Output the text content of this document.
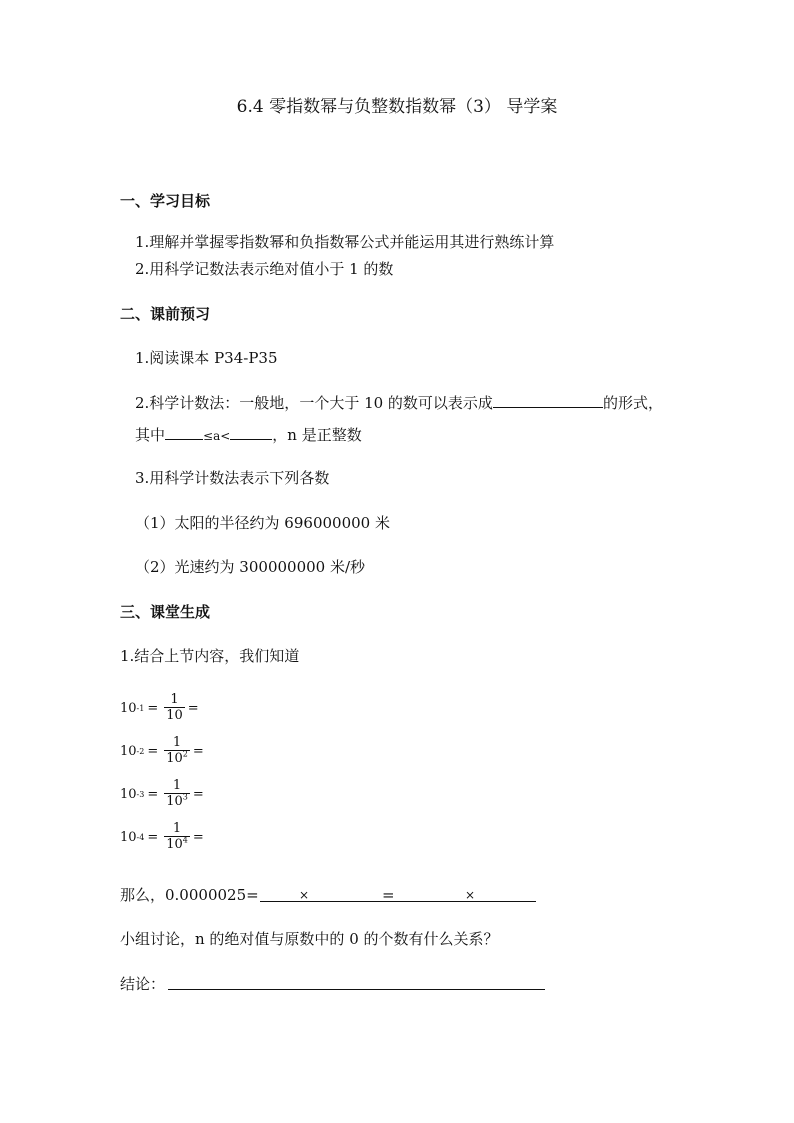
6.4 零指数幂与负整数指数幂（3） 导学案
一、学习目标
1.理解并掌握零指数幂和负指数幂公式并能运用其进行熟练计算
2.用科学记数法表示绝对值小于 1 的数
二、课前预习
1.阅读课本 P34-P35
2.科学计数法：一般地，一个大于 10 的数可以表示成	的形式，
其中	≤a<	，n 是正整数
3.用科学计数法表示下列各数
（1）太阳的半径约为 696000000 米
（2）光速约为 300000000 米/秒
三、课堂生成
1.结合上节内容，我们知道
10 $-1 = \frac{1}{10}$ =
10 $-2 = \frac{1}{10^2}$ =
10 $-3 = \frac{1}{10^3}$ =
10 $-4 = \frac{1}{10^4}$ =
那么，0.0000025=	×	=	×
小组讨论，n 的绝对值与原数中的 0 的个数有什么关系？
结论：
